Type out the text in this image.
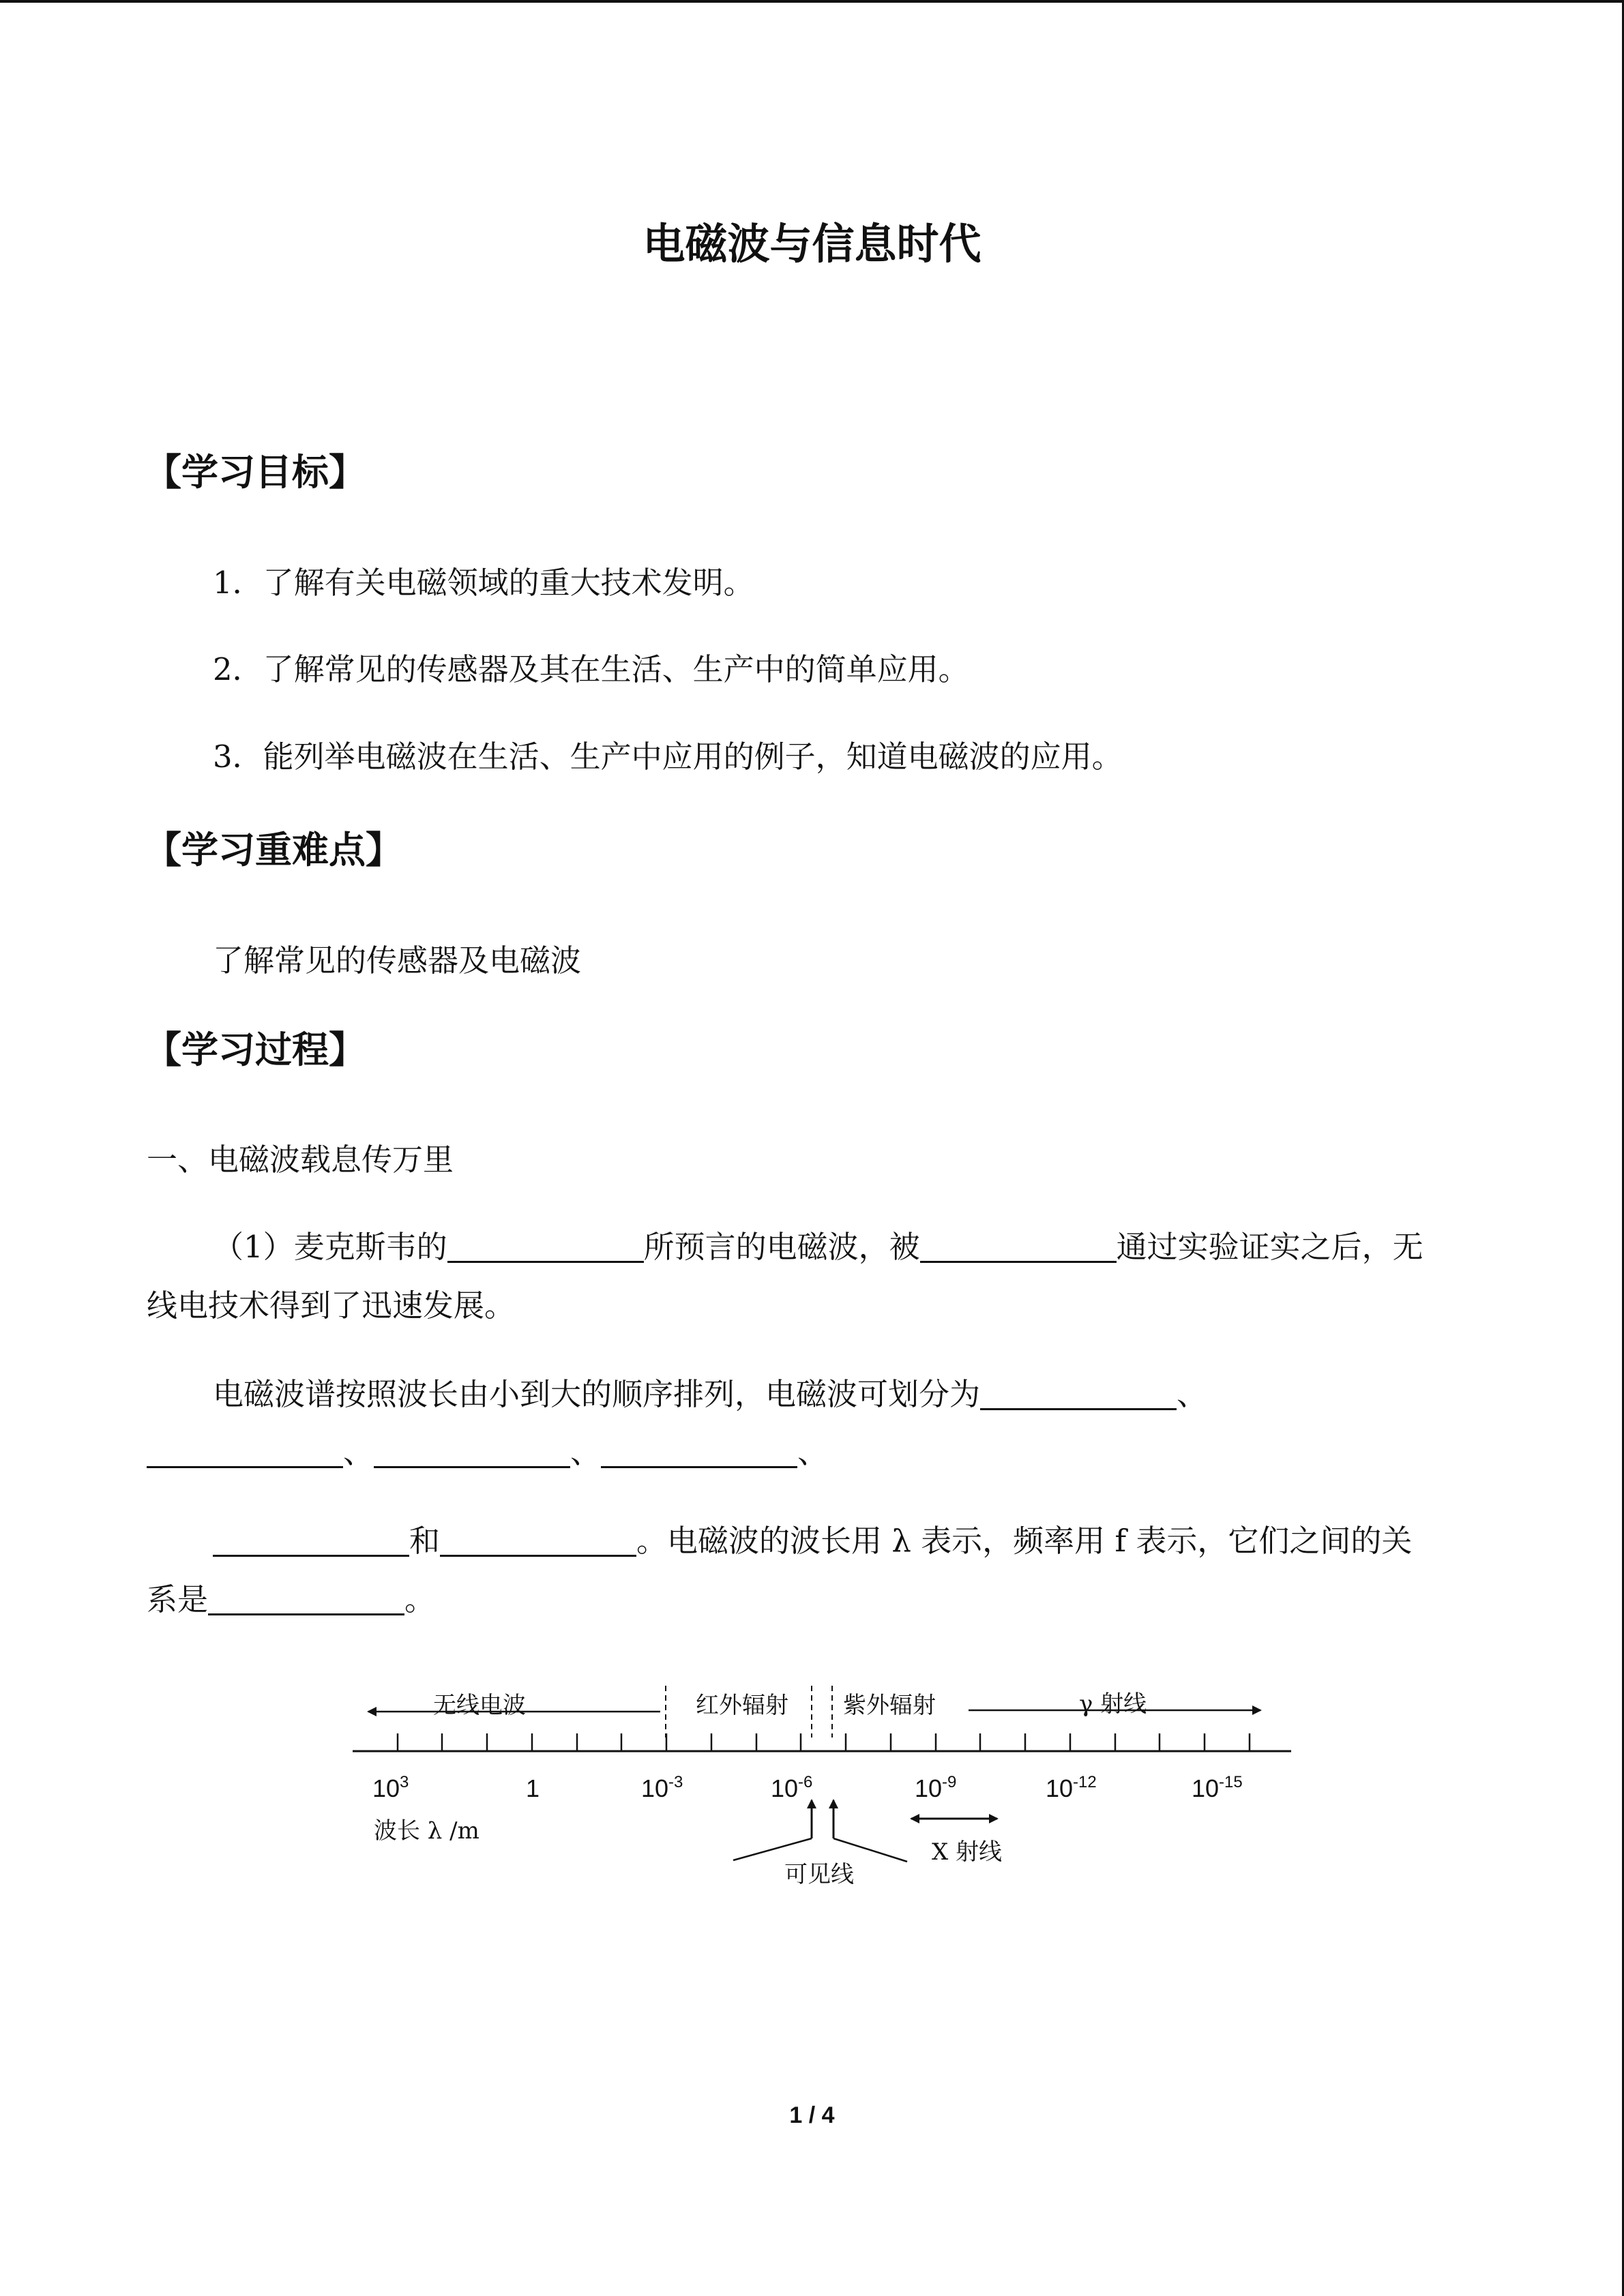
电磁波与信息时代
【学习目标】
1．了解有关电磁领域的重大技术发明。
2．了解常见的传感器及其在生活、生产中的简单应用。
3．能列举电磁波在生活、生产中应用的例子，知道电磁波的应用。
【学习重难点】
了解常见的传感器及电磁波
【学习过程】
一、电磁波载息传万里
（1）麦克斯韦的	所预言的电磁波，被	通过实验证实之后，无
线电技术得到了迅速发展。
电磁波谱按照波长由小到大的顺序排列，电磁波可划分为	、
、	、	、
和	。电磁波的波长用 λ 表示，频率用 f 表示，它们之间的关
系是	。
无线电波	红外辐射 紫外辐射	γ 射线
$10^3$	1	$10^{-3}$	$10^{-6}$	$10^{-9}$	$10^{-12}$	$10^{-15}$
波长 λ /m
可见线
X 射线
1 / 4
